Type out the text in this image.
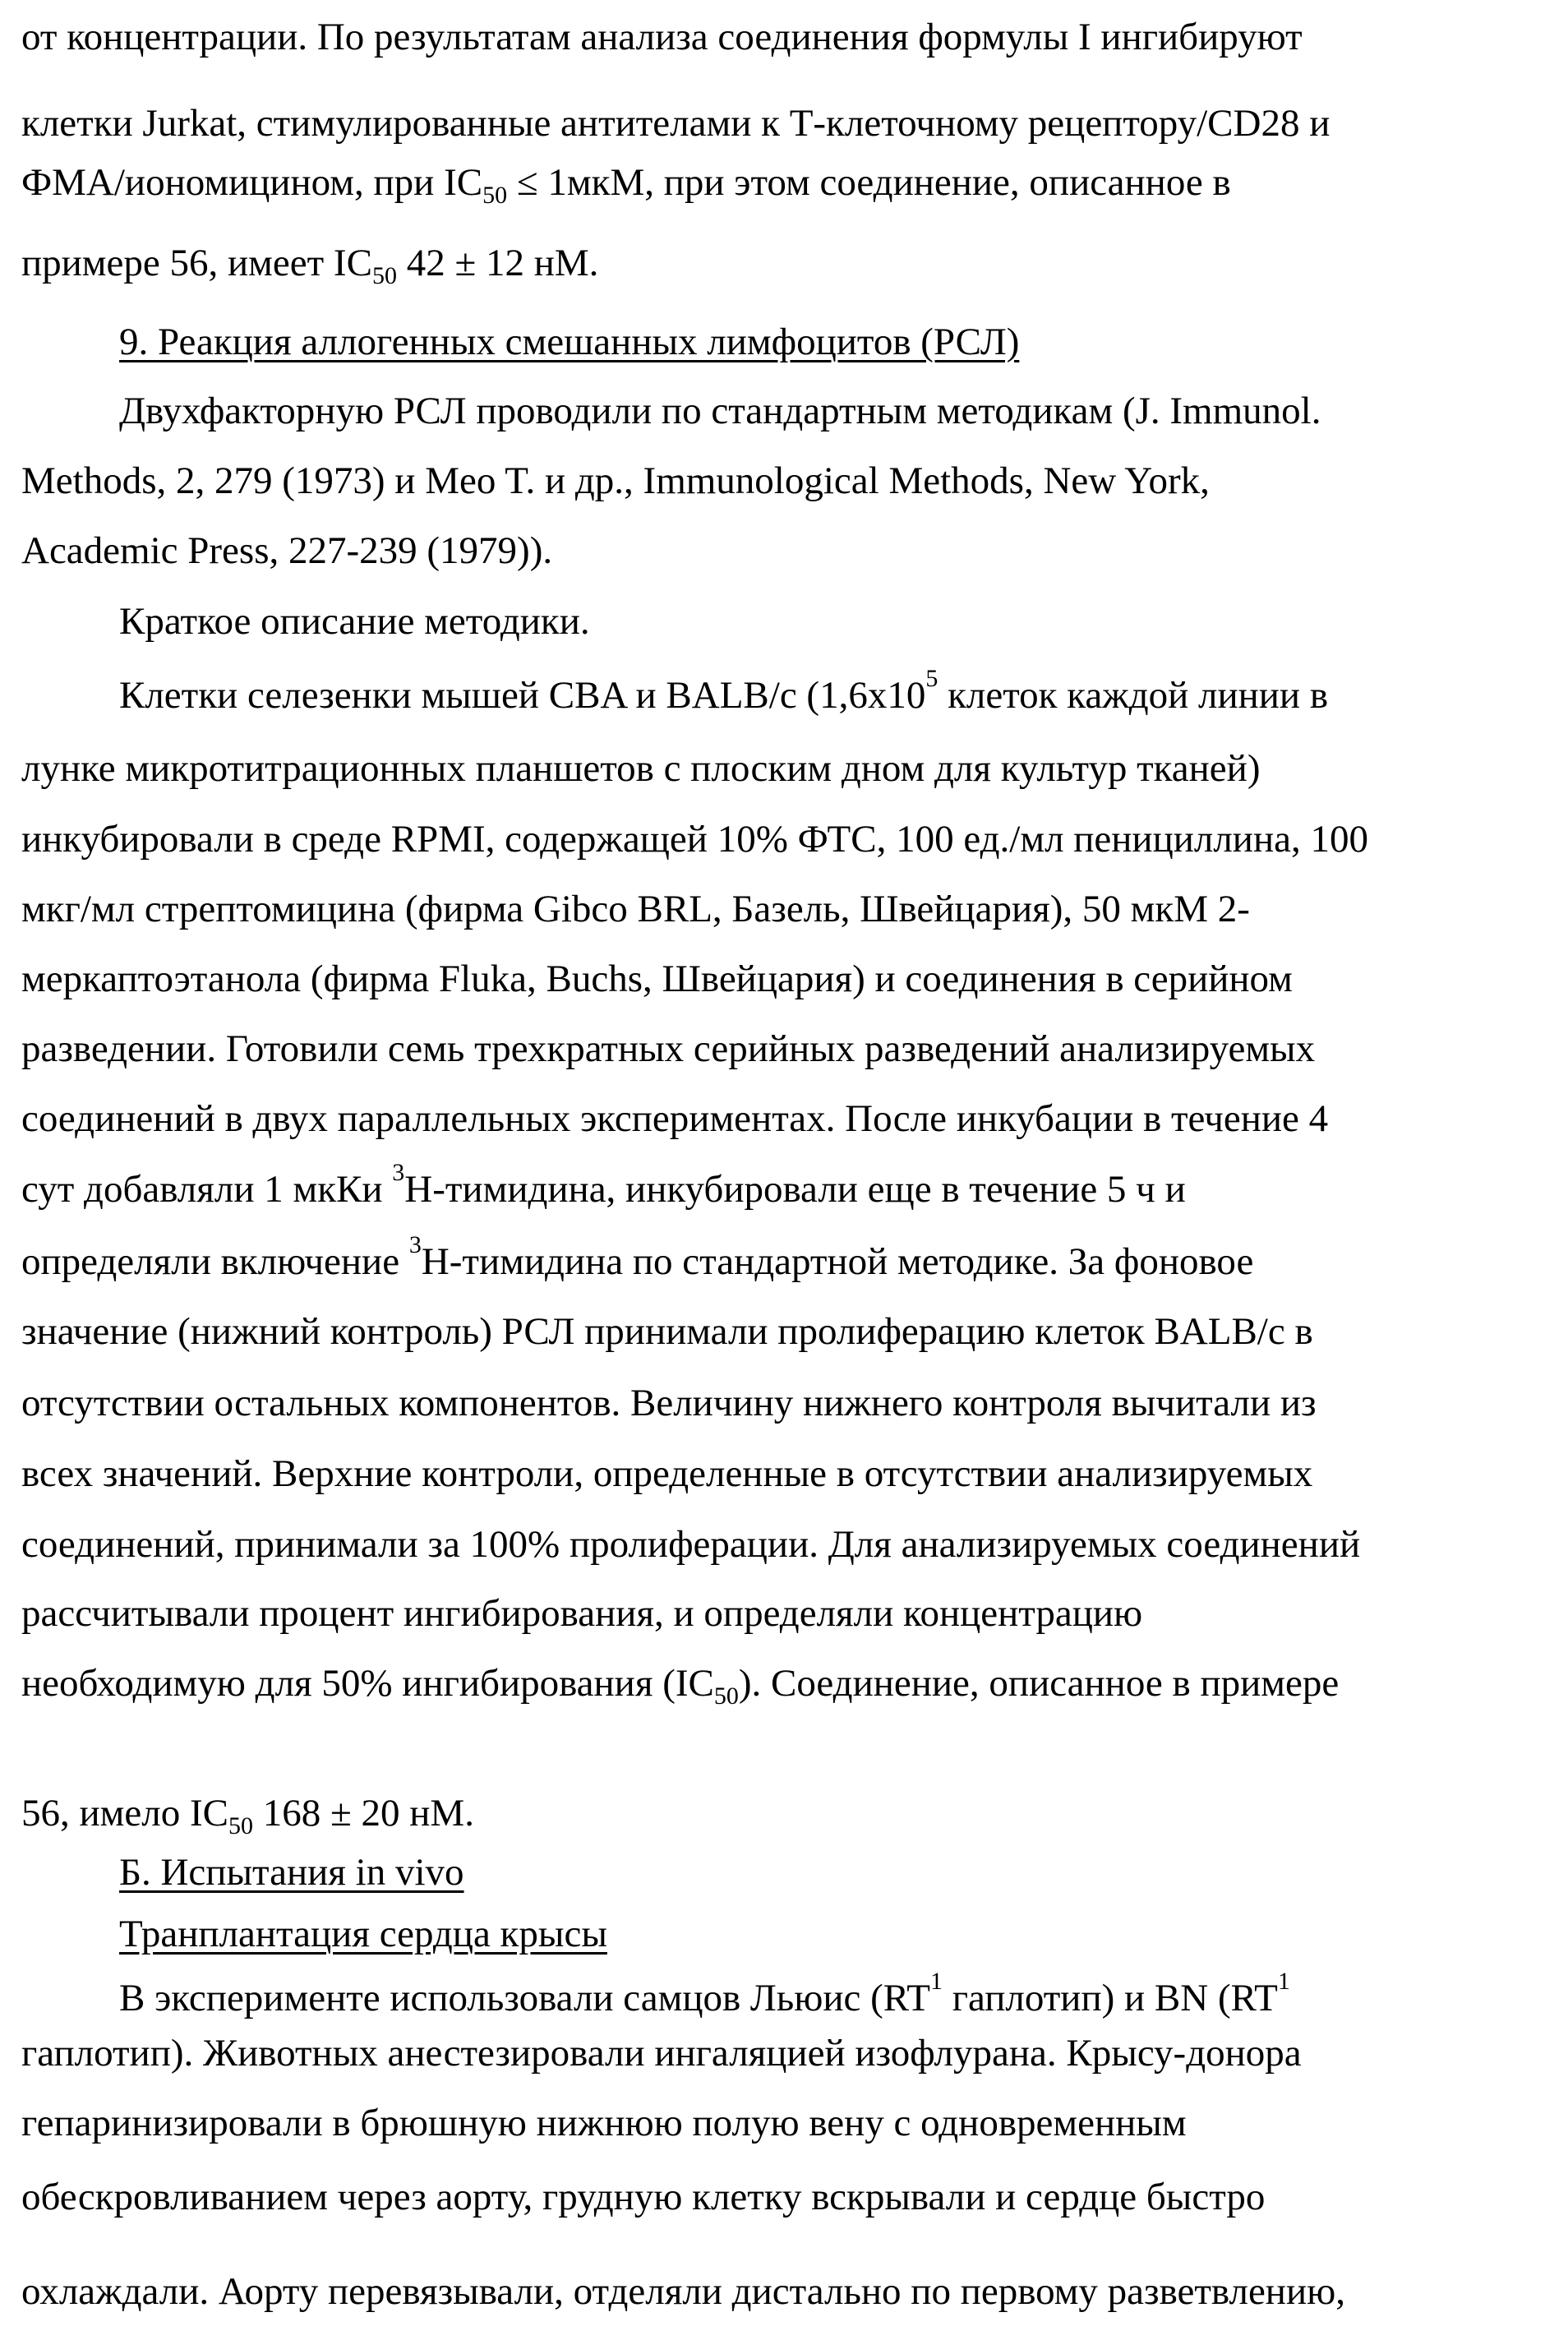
от концентрации. По результатам анализа соединения формулы I ингибируют
клетки Jurkat, стимулированные антителами к Т-клеточному рецептору/CD28 и
ФМА/иономицином, при IC50 ≤ 1мкМ, при этом соединение, описанное в
примере 56, имеет IC50 42 ± 12 нМ.
9. Реакция аллогенных смешанных лимфоцитов (РСЛ)
Двухфакторную РСЛ проводили по стандартным методикам (J. Immunol.
Methods, 2, 279 (1973) и Meo T. и др., Immunological Methods, New York,
Academic Press, 227-239 (1979)).
Краткое описание методики.
Клетки селезенки мышей CBA и BALB/c (1,6x105 клеток каждой линии в
лунке микротитрационных планшетов с плоским дном для культур тканей)
инкубировали в среде RPMI, содержащей 10% ФТС, 100 ед./мл пенициллина, 100
мкг/мл стрептомицина (фирма Gibco BRL, Базель, Швейцария), 50 мкМ 2-
меркаптоэтанола (фирма Fluka, Buchs, Швейцария) и соединения в серийном
разведении. Готовили семь трехкратных серийных разведений анализируемых
соединений в двух параллельных экспериментах. После инкубации в течение 4
сут добавляли 1 мкКи 3H-тимидина, инкубировали еще в течение 5 ч и
определяли включение 3H-тимидина по стандартной методике. За фоновое
значение (нижний контроль) РСЛ принимали пролиферацию клеток BALB/c в
отсутствии остальных компонентов. Величину нижнего контроля вычитали из
всех значений. Верхние контроли, определенные в отсутствии анализируемых
соединений, принимали за 100% пролиферации. Для анализируемых соединений
рассчитывали процент ингибирования, и определяли концентрацию
необходимую для 50% ингибирования (IC50). Соединение, описанное в примере
56, имело IC50 168 ± 20 нМ.
Б. Испытания in vivo
Транплантация сердца крысы
В эксперименте использовали самцов Льюис (RT1 гаплотип) и BN (RT1
гаплотип). Животных анестезировали ингаляцией изофлурана. Крысу-донора
гепаринизировали в брюшную нижнюю полую вену с одновременным
обескровливанием через аорту, грудную клетку вскрывали и сердце быстро
охлаждали. Аорту перевязывали, отделяли дистально по первому разветвлению,
